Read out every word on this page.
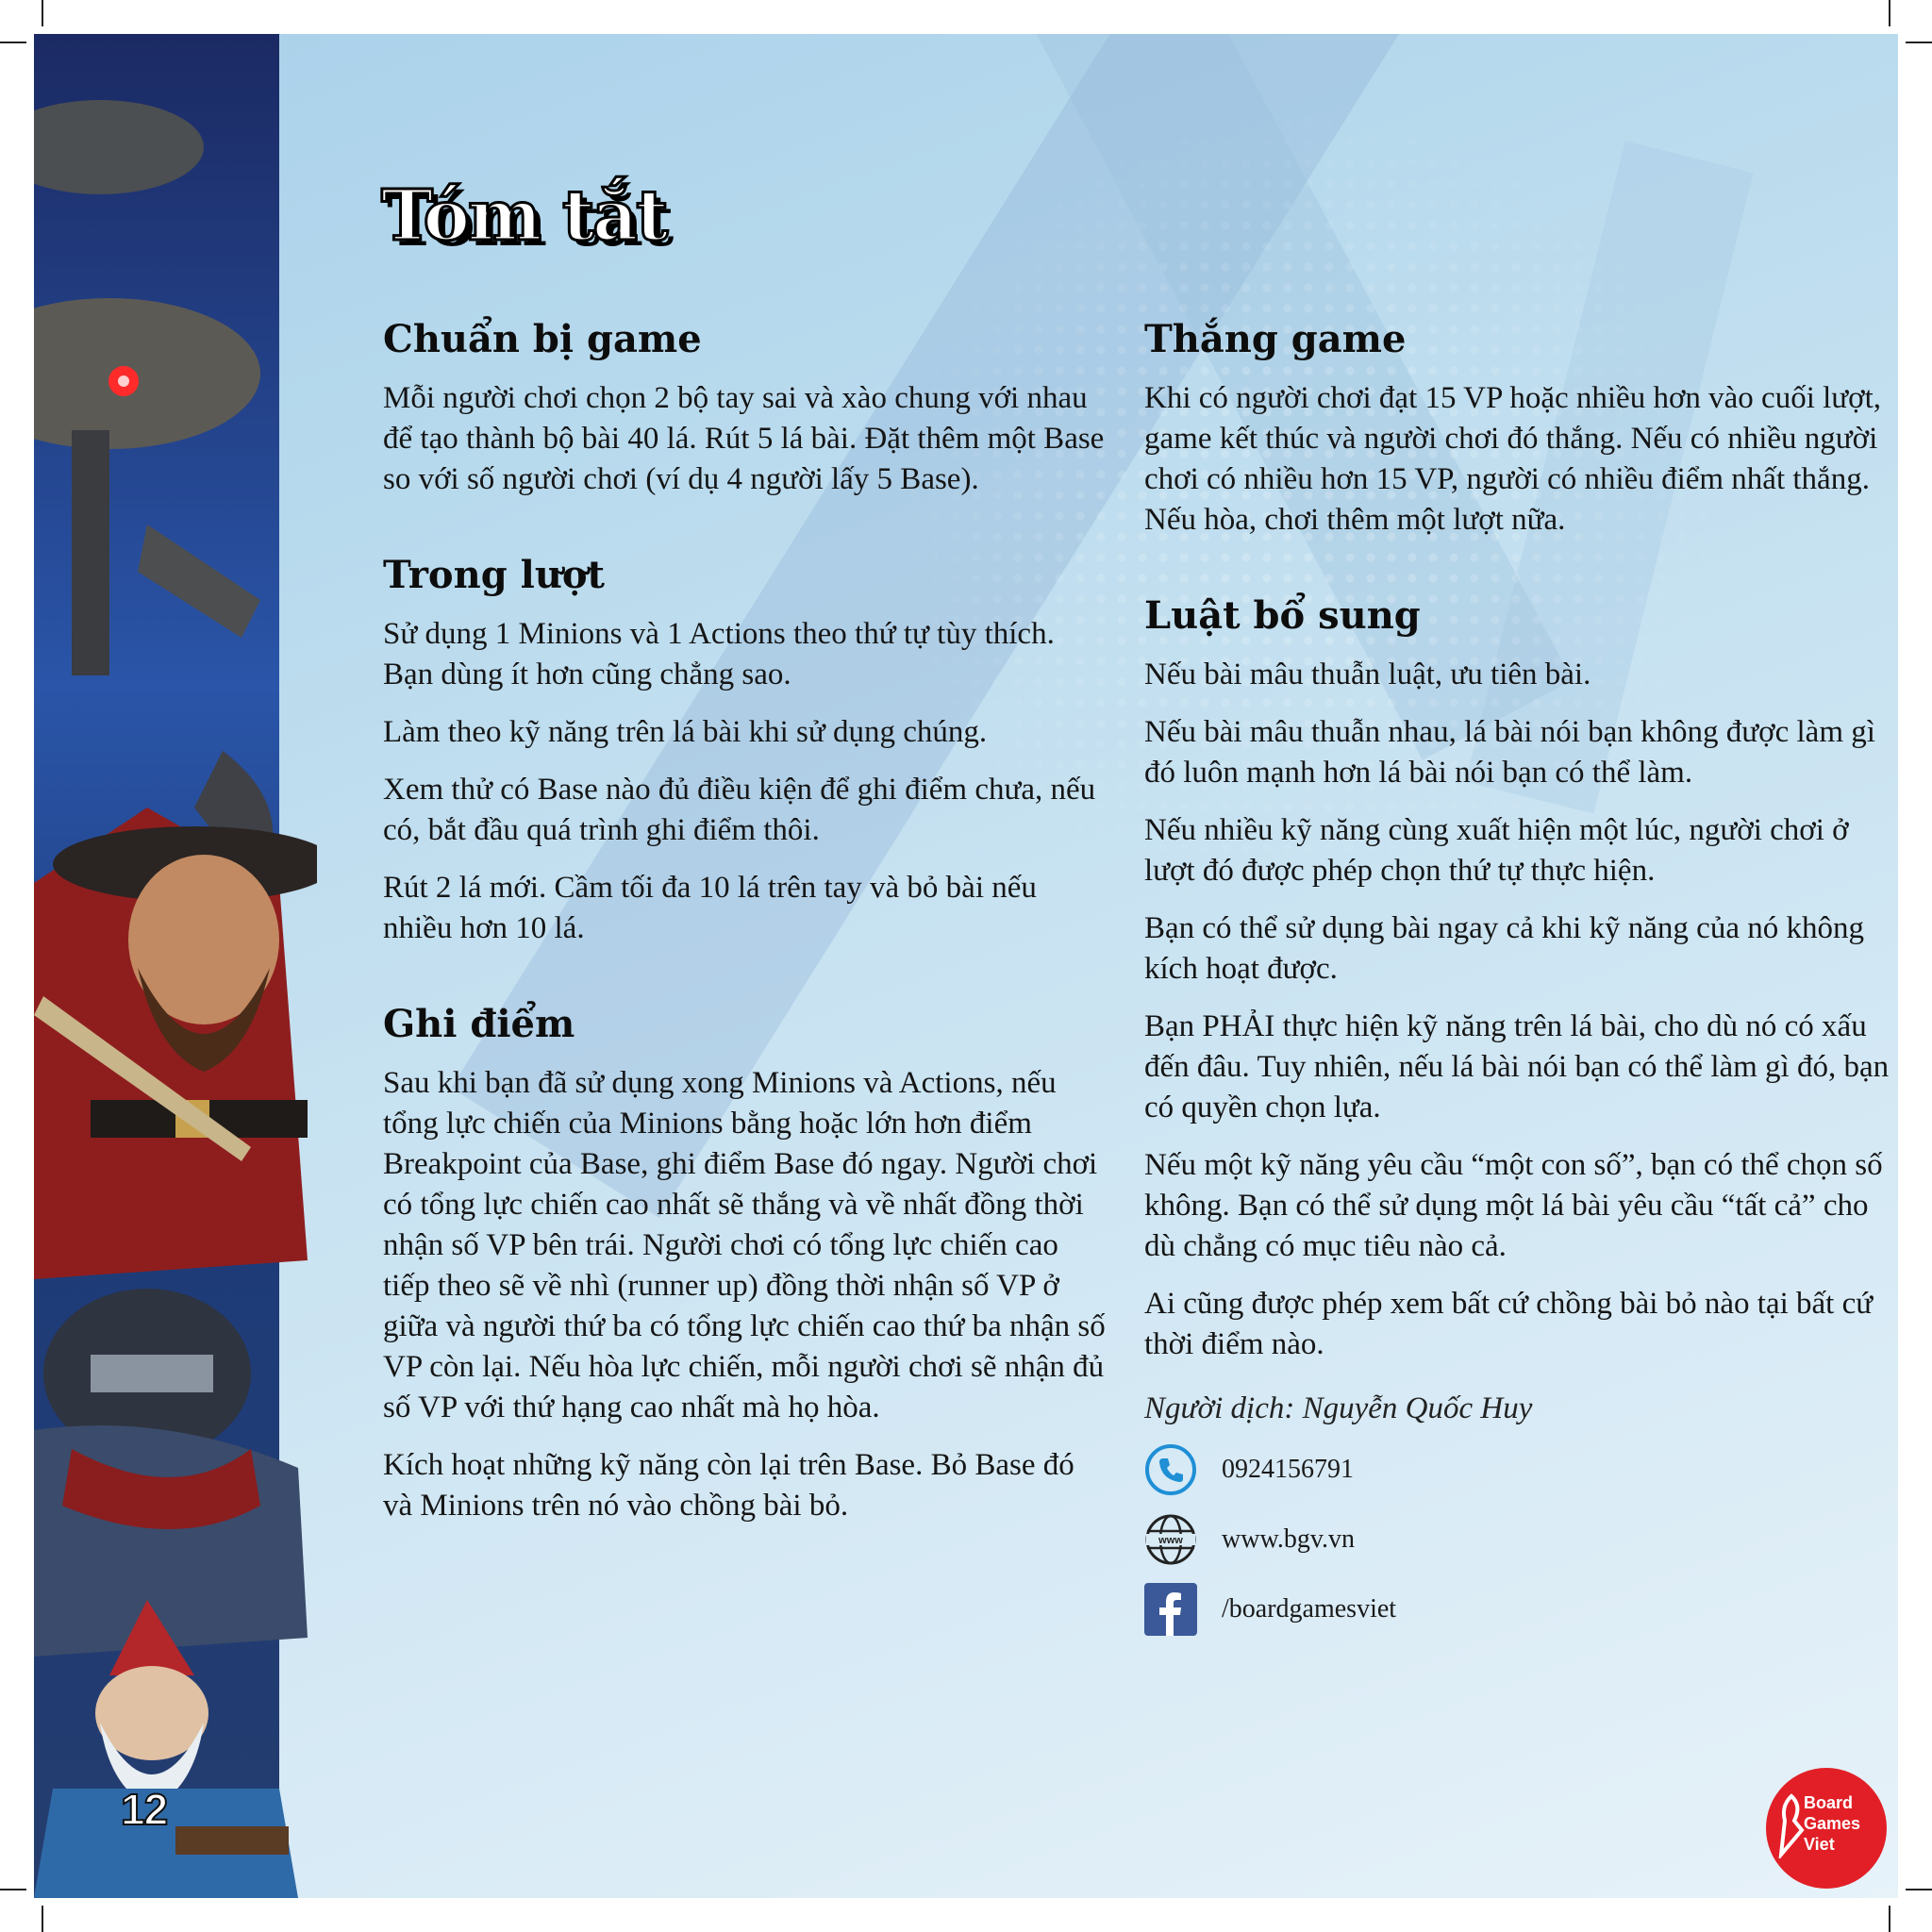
12
Tóm tắt
Chuẩn bị game

Mỗi người chơi chọn 2 bộ tay sai và xào chung với nhau để tạo thành bộ bài 40 lá. Rút 5 lá bài. Đặt thêm một Base so với số người chơi (ví dụ 4 người lấy 5 Base).

Trong lượt

Sử dụng 1 Minions và 1 Actions theo thứ tự tùy thích. Bạn dùng ít hơn cũng chẳng sao.

Làm theo kỹ năng trên lá bài khi sử dụng chúng.

Xem thử có Base nào đủ điều kiện để ghi điểm chưa, nếu có, bắt đầu quá trình ghi điểm thôi.

Rút 2 lá mới. Cầm tối đa 10 lá trên tay và bỏ bài nếu nhiều hơn 10 lá.

Ghi điểm

Sau khi bạn đã sử dụng xong Minions và Actions, nếu tổng lực chiến của Minions bằng hoặc lớn hơn điểm Breakpoint của Base, ghi điểm Base đó ngay. Người chơi có tổng lực chiến cao nhất sẽ thắng và về nhất đồng thời nhận số VP bên trái. Người chơi có tổng lực chiến cao tiếp theo sẽ về nhì (runner up) đồng thời nhận số VP ở giữa và người thứ ba có tổng lực chiến cao thứ ba nhận số VP còn lại. Nếu hòa lực chiến, mỗi người chơi sẽ nhận đủ số VP với thứ hạng cao nhất mà họ hòa.

Kích hoạt những kỹ năng còn lại trên Base. Bỏ Base đó và Minions trên nó vào chồng bài bỏ.

Thắng game

Khi có người chơi đạt 15 VP hoặc nhiều hơn vào cuối lượt, game kết thúc và người chơi đó thắng. Nếu có nhiều người chơi có nhiều hơn 15 VP, người có nhiều điểm nhất thắng. Nếu hòa, chơi thêm một lượt nữa.

Luật bổ sung

Nếu bài mâu thuẫn luật, ưu tiên bài.

Nếu bài mâu thuẫn nhau, lá bài nói bạn không được làm gì đó luôn mạnh hơn lá bài nói bạn có thể làm.

Nếu nhiều kỹ năng cùng xuất hiện một lúc, người chơi ở lượt đó được phép chọn thứ tự thực hiện.

Bạn có thể sử dụng bài ngay cả khi kỹ năng của nó không kích hoạt được.

Bạn PHẢI thực hiện kỹ năng trên lá bài, cho dù nó có xấu đến đâu. Tuy nhiên, nếu lá bài nói bạn có thể làm gì đó, bạn có quyền chọn lựa.

Nếu một kỹ năng yêu cầu “một con số”, bạn có thể chọn số không. Bạn có thể sử dụng một lá bài yêu cầu “tất cả” cho dù chẳng có mục tiêu nào cả.

Ai cũng được phép xem bất cứ chồng bài bỏ nào tại bất cứ thời điểm nào.

Người dịch: Nguyễn Quốc Huy
0924156791
www www.bgv.vn
/boardgamesviet
Board
Games
Viet
